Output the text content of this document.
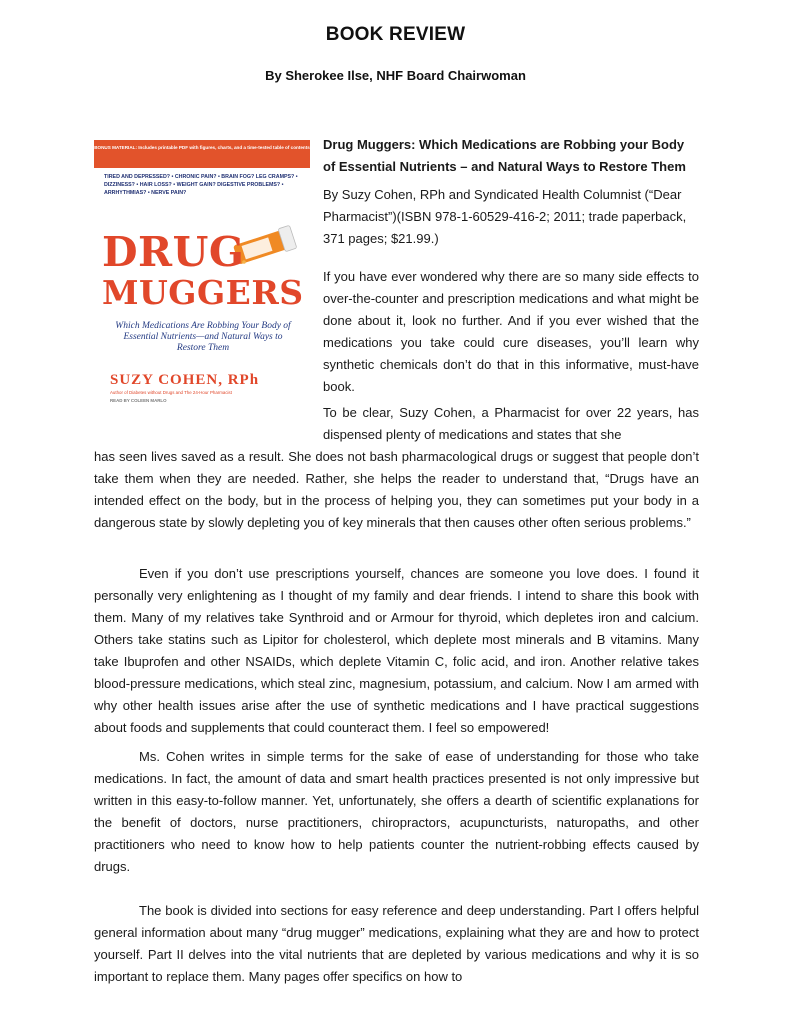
BOOK REVIEW

By Sherokee Ilse, NHF Board Chairwoman

BONUS MATERIAL: Includes printable PDF with figures, charts, and a time-tested table of contents
TIRED AND DEPRESSED? • CHRONIC PAIN? • BRAIN FOG? LEG CRAMPS? • DIZZINESS? • HAIR LOSS? • WEIGHT GAIN? DIGESTIVE PROBLEMS? • ARRHYTHMIAS? • NERVE PAIN?
DRUG
MUGGERS
Which Medications Are Robbing Your Body of Essential Nutrients—and Natural Ways to Restore Them
SUZY COHEN, RPh
Author of Diabetes without Drugs and The 24-Hour Pharmacist
READ BY COLEEN MARLO

Drug Muggers: Which Medications are Robbing your Body of Essential Nutrients – and Natural Ways to Restore Them

By Suzy Cohen, RPh and Syndicated Health Columnist (“Dear Pharmacist”)(ISBN 978-1-60529-416-2; 2011; trade paperback, 371 pages; $21.99.)

If you have ever wondered why there are so many side effects to over-the-counter and prescription medications and what might be done about it, look no further. And if you ever wished that the medications you take could cure diseases, you’ll learn why synthetic chemicals don’t do that in this informative, must-have book.

To be clear, Suzy Cohen, a Pharmacist for over 22 years, has dispensed plenty of medications and states that she

has seen lives saved as a result. She does not bash pharmacological drugs or suggest that people don’t take them when they are needed. Rather, she helps the reader to understand that, “Drugs have an intended effect on the body, but in the process of helping you, they can sometimes put your body in a dangerous state by slowly depleting you of key minerals that then causes other often serious problems.”

Even if you don’t use prescriptions yourself, chances are someone you love does. I found it personally very enlightening as I thought of my family and dear friends. I intend to share this book with them. Many of my relatives take Synthroid and or Armour for thyroid, which depletes iron and calcium. Others take statins such as Lipitor for cholesterol, which deplete most minerals and B vitamins. Many take Ibuprofen and other NSAIDs, which deplete Vitamin C, folic acid, and iron. Another relative takes blood-pressure medications, which steal zinc, magnesium, potassium, and calcium. Now I am armed with why other health issues arise after the use of synthetic medications and I have practical suggestions about foods and supplements that could counteract them. I feel so empowered!

Ms. Cohen writes in simple terms for the sake of ease of understanding for those who take medications. In fact, the amount of data and smart health practices presented is not only impressive but written in this easy-to-follow manner. Yet, unfortunately, she offers a dearth of scientific explanations for the benefit of doctors, nurse practitioners, chiropractors, acupuncturists, naturopaths, and other practitioners who need to know how to help patients counter the nutrient-robbing effects caused by drugs.

The book is divided into sections for easy reference and deep understanding. Part I offers helpful general information about many “drug mugger” medications, explaining what they are and how to protect yourself. Part II delves into the vital nutrients that are depleted by various medications and why it is so important to replace them. Many pages offer specifics on how to
